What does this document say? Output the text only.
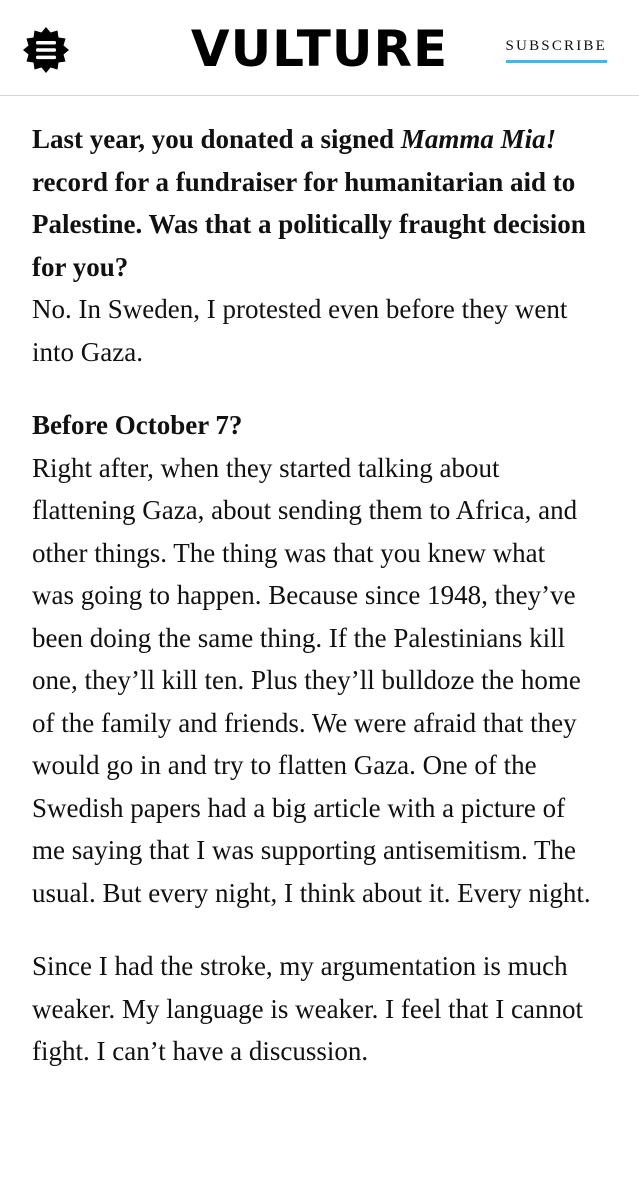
VULTURE	SUBSCRIBE

Last year, you donated a signed Mamma Mia! record for a fundraiser for humanitarian aid to Palestine. Was that a politically fraught decision for you?
No. In Sweden, I protested even before they went into Gaza.

Before October 7?
Right after, when they started talking about flattening Gaza, about sending them to Africa, and other things. The thing was that you knew what was going to happen. Because since 1948, they’ve been doing the same thing. If the Palestinians kill one, they’ll kill ten. Plus they’ll bulldoze the home of the family and friends. We were afraid that they would go in and try to flatten Gaza. One of the Swedish papers had a big article with a picture of me saying that I was supporting antisemitism. The usual. But every night, I think about it. Every night.

Since I had the stroke, my argumentation is much weaker. My language is weaker. I feel that I cannot fight. I can’t have a discussion.
